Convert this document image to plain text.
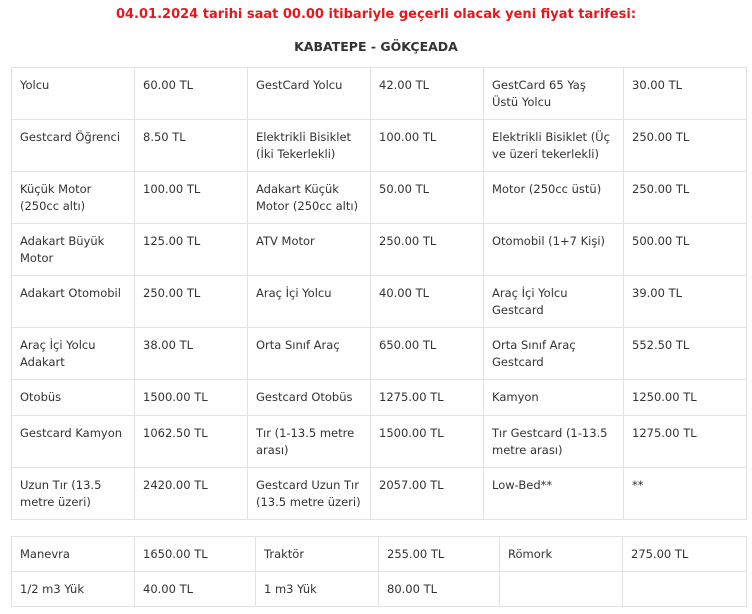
04.01.2024 tarihi saat 00.00 itibariyle geçerli olacak yeni fiyat tarifesi:
KABATEPE - GÖKÇEADA
Yolcu	60.00 TL	GestCard Yolcu	42.00 TL	GestCard 65 Yaş Üstü Yolcu	30.00 TL
Gestcard Öğrenci	8.50 TL	Elektrikli Bisiklet (İki Tekerlekli)	100.00 TL	Elektrikli Bisiklet (Üç ve üzeri tekerlekli)	250.00 TL
Küçük Motor (250cc altı)	100.00 TL	Adakart Küçük Motor (250cc altı)	50.00 TL	Motor (250cc üstü)	250.00 TL
Adakart Büyük Motor	125.00 TL	ATV Motor	250.00 TL	Otomobil (1+7 Kişi)	500.00 TL
Adakart Otomobil	250.00 TL	Araç İçi Yolcu	40.00 TL	Araç İçi Yolcu Gestcard	39.00 TL
Araç İçi Yolcu Adakart	38.00 TL	Orta Sınıf Araç	650.00 TL	Orta Sınıf Araç Gestcard	552.50 TL
Otobüs	1500.00 TL	Gestcard Otobüs	1275.00 TL	Kamyon	1250.00 TL
Gestcard Kamyon	1062.50 TL	Tır (1-13.5 metre arası)	1500.00 TL	Tır Gestcard (1-13.5 metre arası)	1275.00 TL
Uzun Tır (13.5 metre üzeri)	2420.00 TL	Gestcard Uzun Tır (13.5 metre üzeri)	2057.00 TL	Low-Bed**	**
Manevra	1650.00 TL	Traktör	255.00 TL	Römork	275.00 TL
1/2 m3 Yük	40.00 TL	1 m3 Yük	80.00 TL		
